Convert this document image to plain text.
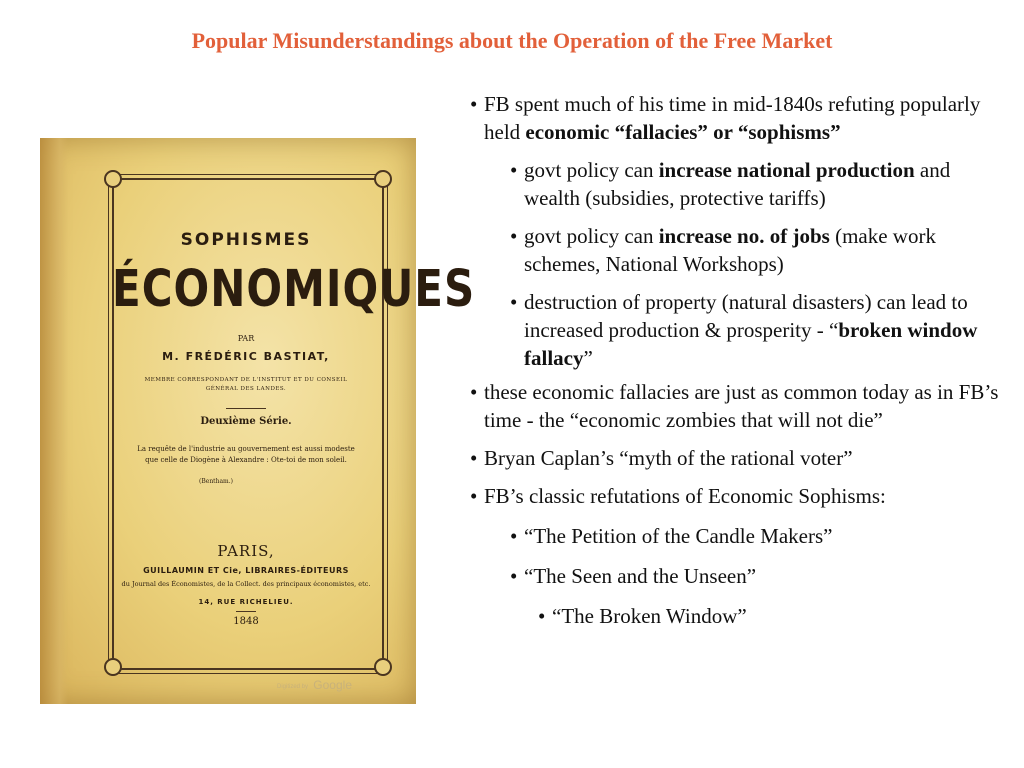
Popular Misunderstandings about the Operation of the Free Market
SOPHISMES
ÉCONOMIQUES
PAR
M. FRÉDÉRIC BASTIAT,
MEMBRE CORRESPONDANT DE L'INSTITUT ET DU CONSEIL GÉNÉRAL DES LANDES.
Deuxième Série.
La requête de l'industrie au gouvernement est aussi modeste que celle de Diogène à Alexandre : Ote-toi de mon soleil.
(Bentham.)
PARIS,
GUILLAUMIN ET Cie, LIBRAIRES-ÉDITEURS
du Journal des Économistes, de la Collect. des principaux économistes, etc.
14, RUE RICHELIEU.
1848
Digitized by Google
• FB spent much of his time in mid-1840s refuting popularly held economic “fallacies” or “sophisms”
• govt policy can increase national production and wealth (subsidies, protective tariffs)
• govt policy can increase no. of jobs (make work schemes, National Workshops)
• destruction of property (natural disasters) can lead to increased production & prosperity - “broken window fallacy”
• these economic fallacies are just as common today as in FB’s time - the “economic zombies that will not die”
• Bryan Caplan’s “myth of the rational voter”
• FB’s classic refutations of Economic Sophisms:
• “The Petition of the Candle Makers”
• “The Seen and the Unseen”
• “The Broken Window”
